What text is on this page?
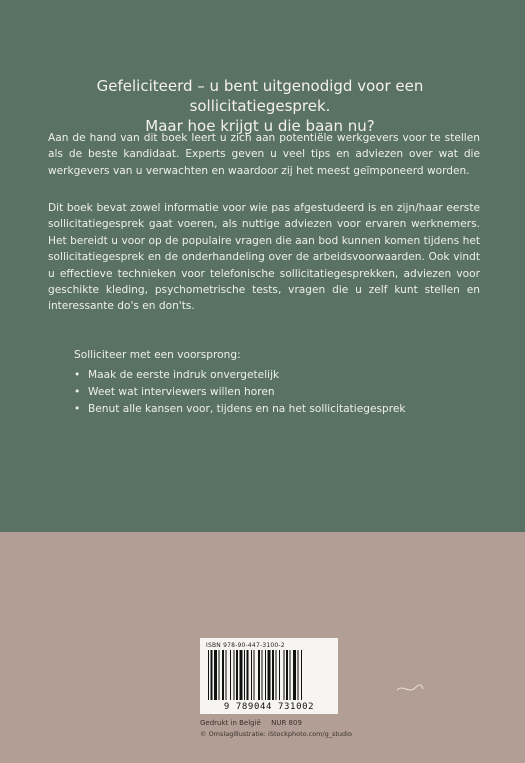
Gefeliciteerd – u bent uitgenodigd voor een sollicitatiegesprek.
Maar hoe krijgt u die baan nu?

Aan de hand van dit boek leert u zich aan potentiële werkgevers voor te stellen als de beste kandidaat. Experts geven u veel tips en adviezen over wat die werkgevers van u verwachten en waardoor zij het meest geïmponeerd worden.

Dit boek bevat zowel informatie voor wie pas afgestudeerd is en zijn/haar eerste sollicitatiegesprek gaat voeren, als nuttige adviezen voor ervaren werknemers. Het bereidt u voor op de populaire vragen die aan bod kunnen komen tijdens het sollicitatiegesprek en de onderhandeling over de arbeidsvoorwaarden. Ook vindt u effectieve technieken voor telefonische sollicitatiegesprekken, adviezen voor geschikte kleding, psychometrische tests, vragen die u zelf kunt stellen en interessante do's en don'ts.

Solliciteer met een voorsprong:

• Maak de eerste indruk onvergetelijk
• Weet wat interviewers willen horen
• Benut alle kansen voor, tijdens en na het sollicitatiegesprek
ISBN 978-90-447-3100-2
9 789044 731002
Gedrukt in België NUR 809
© Omslagillustratie: iStockphoto.com/g_studio
